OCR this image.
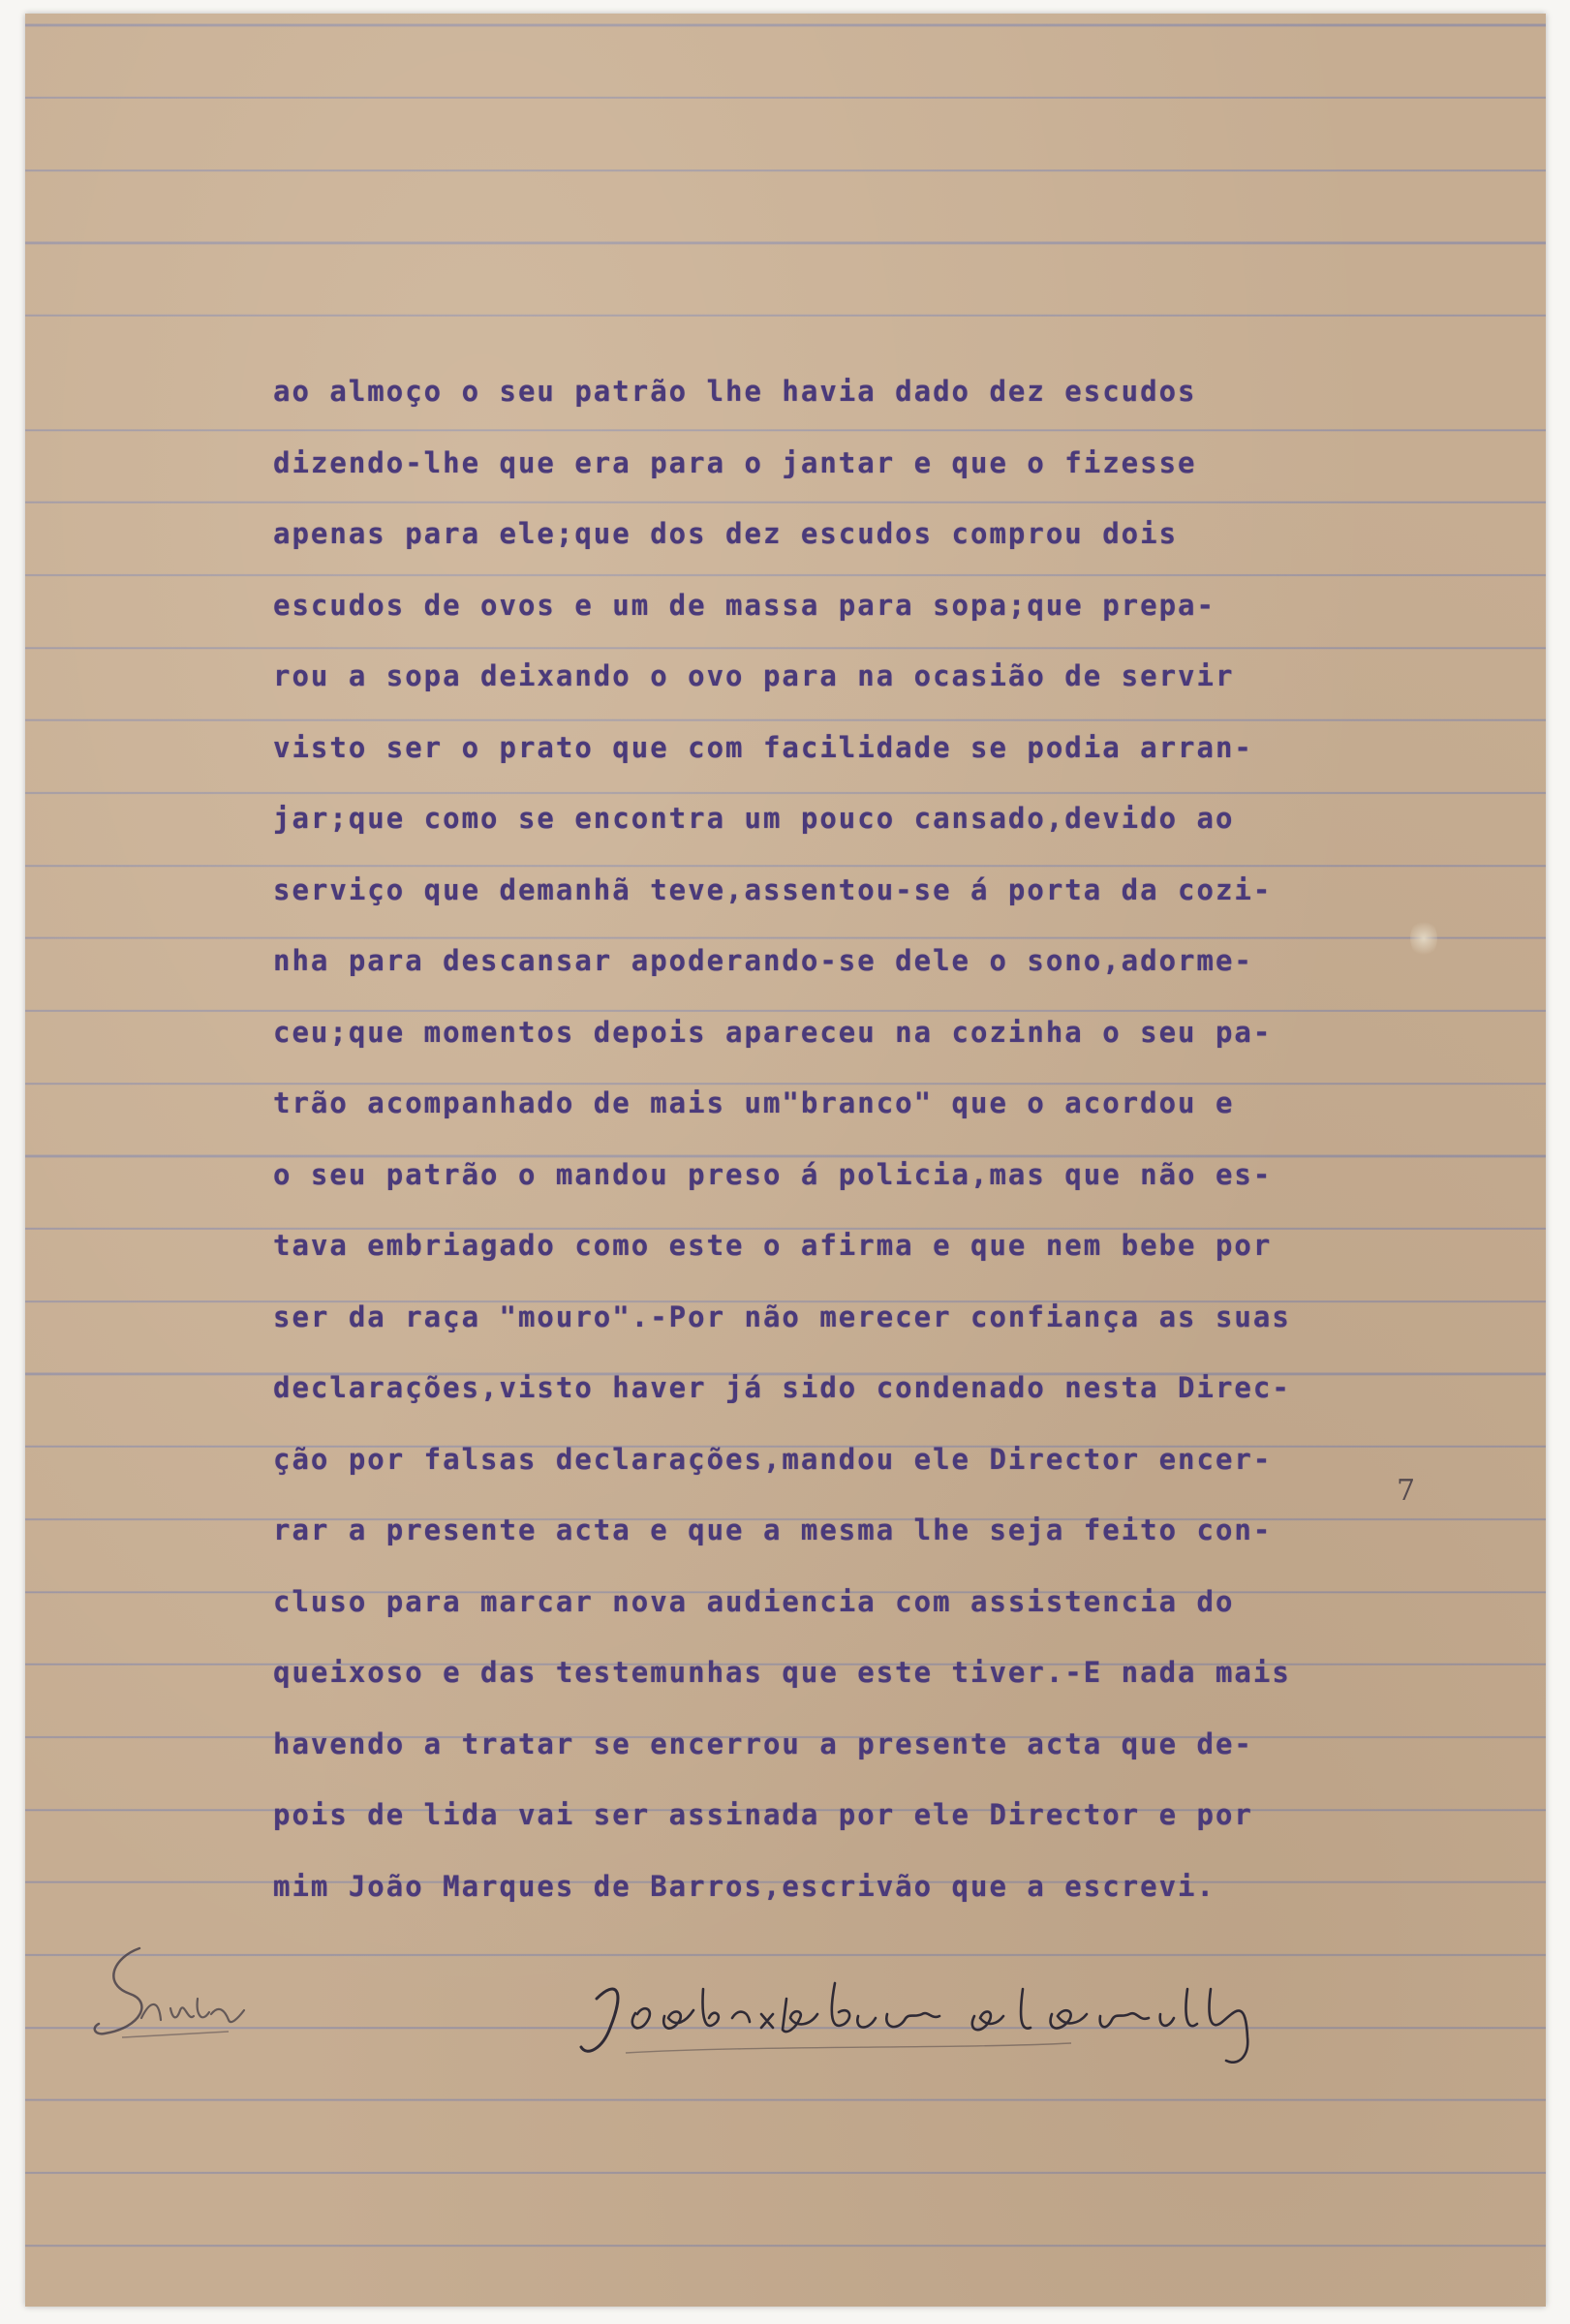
ao almoço o seu patrão lhe havia dado dez escudos
dizendo-lhe que era para o jantar e que o fizesse
apenas para ele;que dos dez escudos comprou dois
escudos de ovos e um de massa para sopa;que prepa-
rou a sopa deixando o ovo para na ocasião de servir
visto ser o prato que com facilidade se podia arran-
jar;que como se encontra um pouco cansado,devido ao
serviço que demanhã teve,assentou-se á porta da cozi-
nha para descansar apoderando-se dele o sono,adorme-
ceu;que momentos depois apareceu na cozinha o seu pa-
trão acompanhado de mais um"branco" que o acordou e
o seu patrão o mandou preso á policia,mas que não es-
tava embriagado como este o afirma e que nem bebe por
ser da raça "mouro".-Por não merecer confiança as suas
declarações,visto haver já sido condenado nesta Direc-
ção por falsas declarações,mandou ele Director encer-
rar a presente acta e que a mesma lhe seja feito con-
cluso para marcar nova audiencia com assistencia do
queixoso e das testemunhas que este tiver.-E nada mais
havendo a tratar se encerrou a presente acta que de-
pois de lida vai ser assinada por ele Director e por
mim João Marques de Barros,escrivão que a escrevi.
7
